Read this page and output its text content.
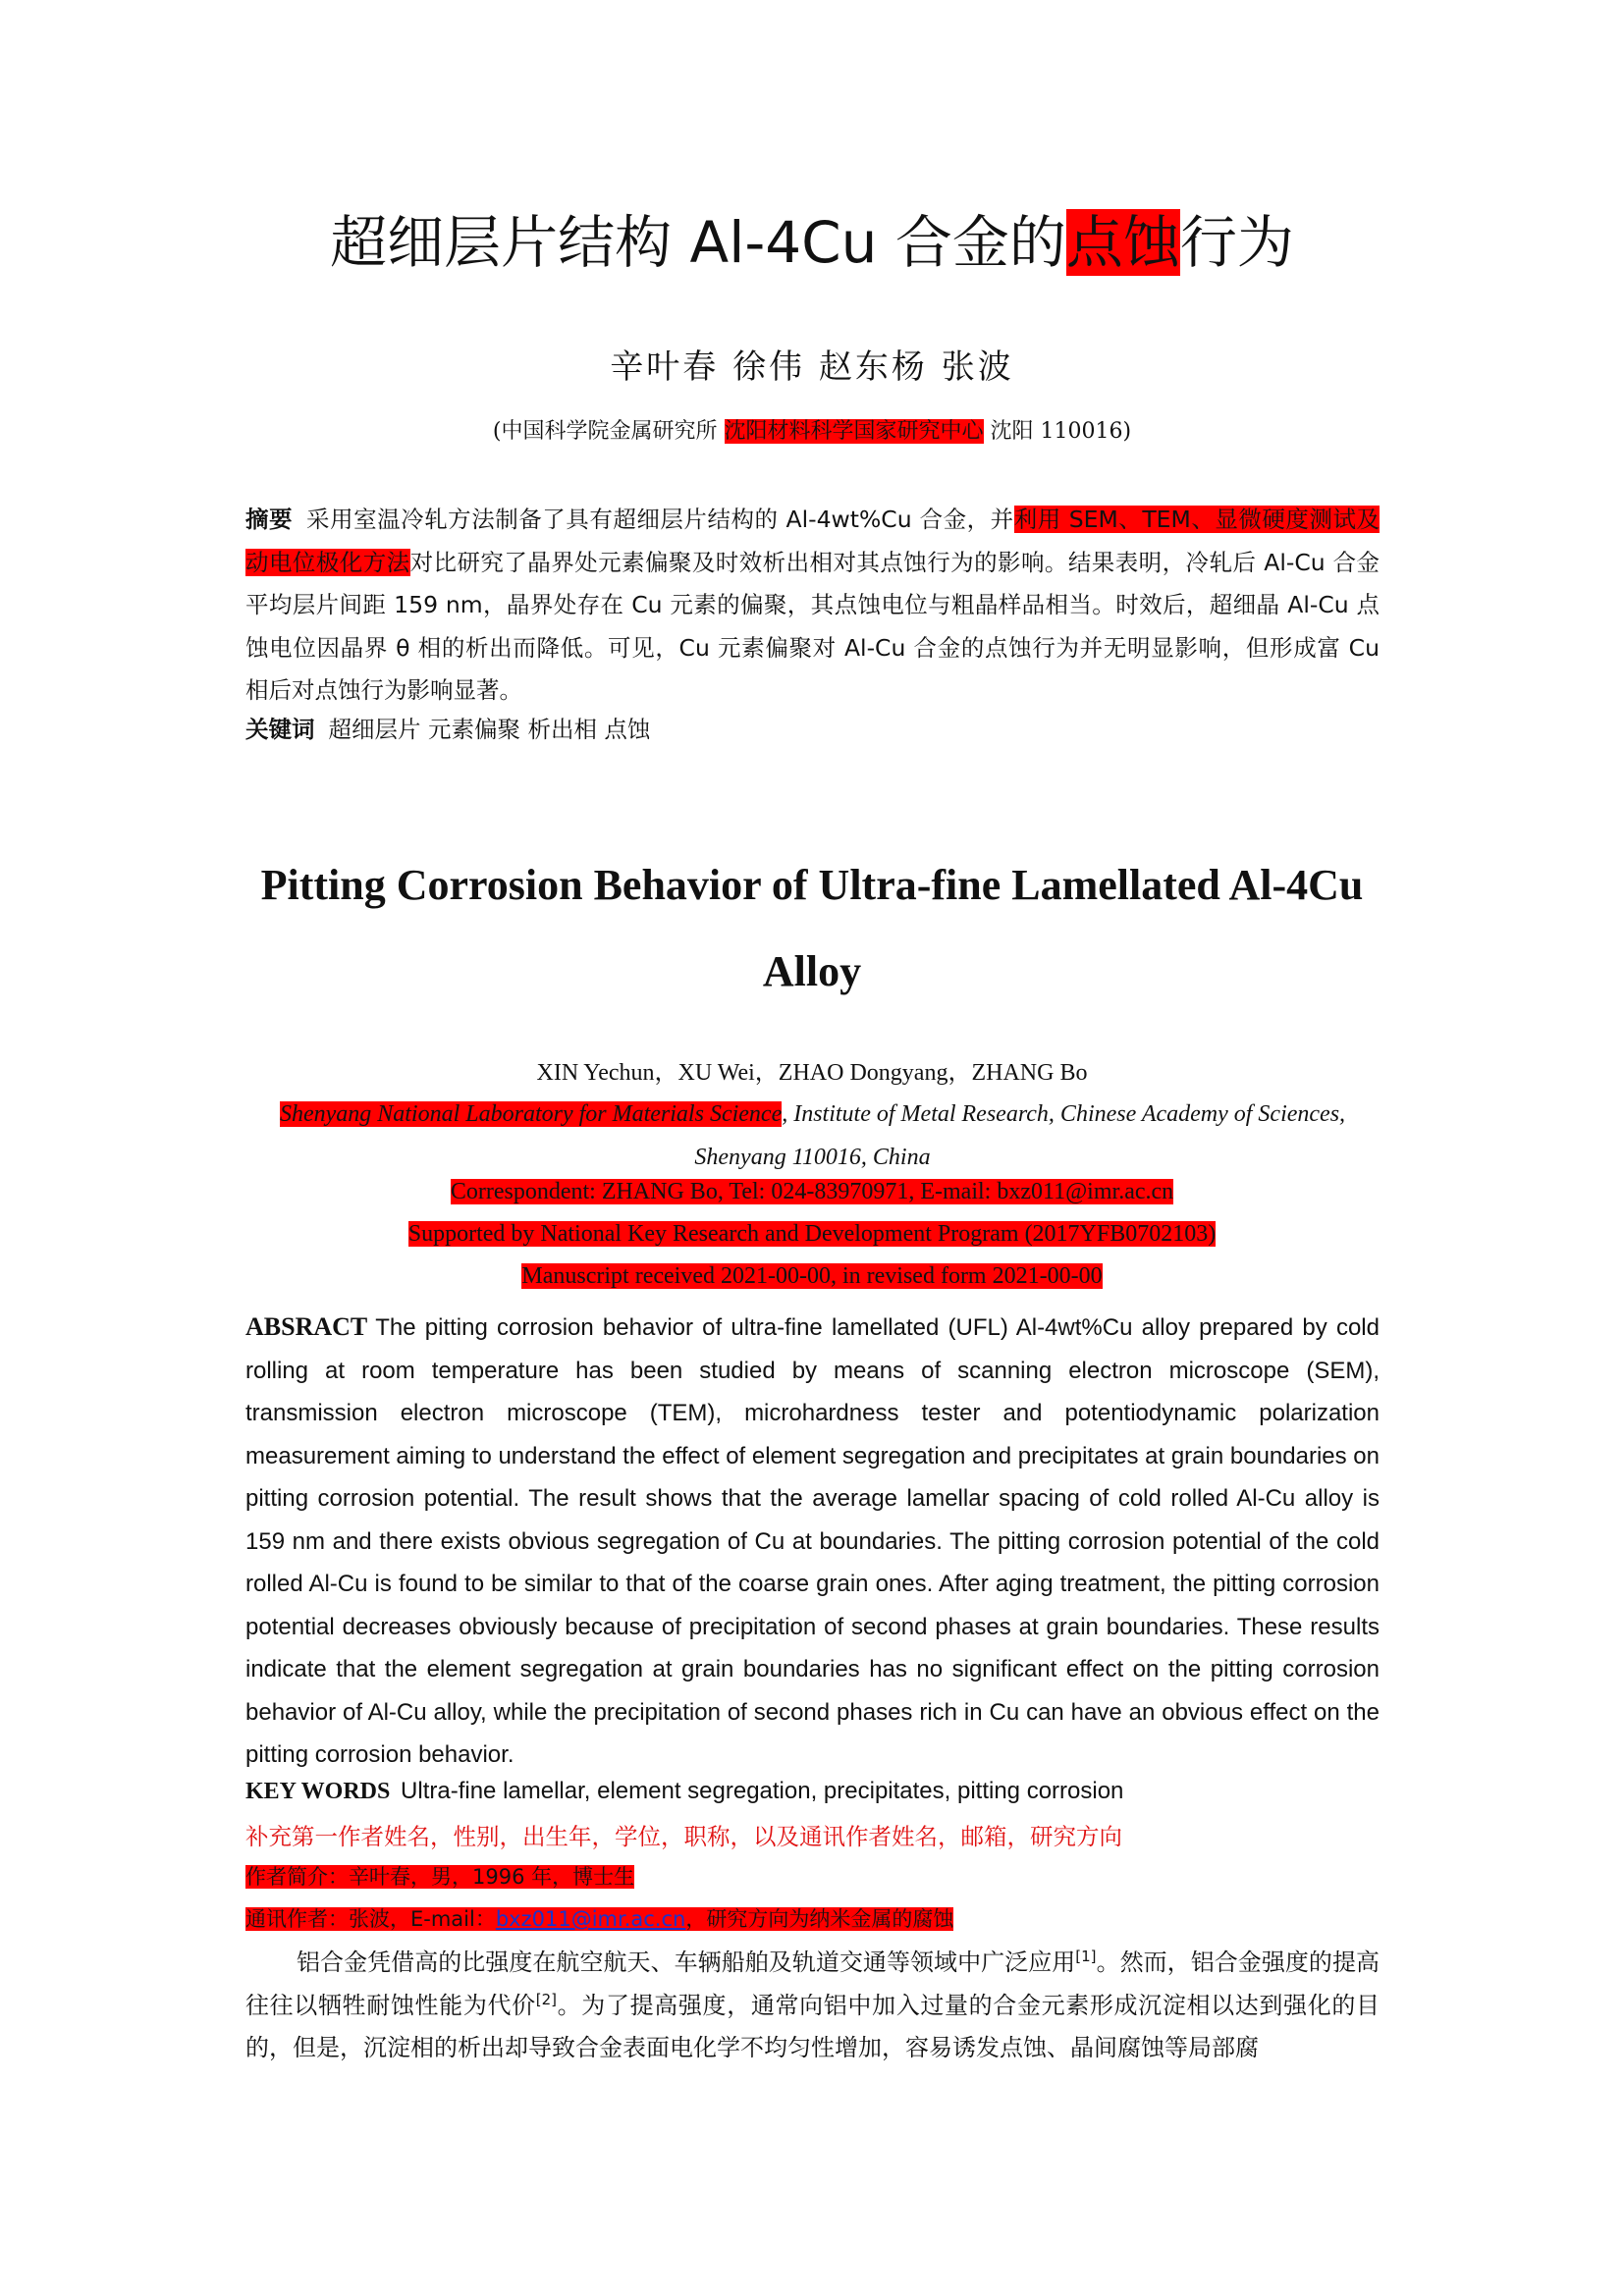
超细层片结构 Al-4Cu 合金的点蚀行为
辛叶春 徐伟 赵东杨 张波
(中国科学院金属研究所 沈阳材料科学国家研究中心 沈阳 110016)
摘要 采用室温冷轧方法制备了具有超细层片结构的 Al-4wt%Cu 合金，并利用 SEM、TEM、显微硬度测试及动电位极化方法对比研究了晶界处元素偏聚及时效析出相对其点蚀行为的影响。结果表明，冷轧后 Al-Cu 合金平均层片间距 159 nm，晶界处存在 Cu 元素的偏聚，其点蚀电位与粗晶样品相当。时效后，超细晶 Al-Cu 点蚀电位因晶界 θ 相的析出而降低。可见，Cu 元素偏聚对 Al-Cu 合金的点蚀行为并无明显影响，但形成富 Cu 相后对点蚀行为影响显著。
关键词 超细层片 元素偏聚 析出相 点蚀
Pitting Corrosion Behavior of Ultra-fine Lamellated Al-4Cu Alloy
XIN Yechun，XU Wei，ZHAO Dongyang，ZHANG Bo
Shenyang National Laboratory for Materials Science, Institute of Metal Research, Chinese Academy of Sciences, Shenyang 110016, China
Correspondent: ZHANG Bo, Tel: 024-83970971, E-mail: bxz011@imr.ac.cn
Supported by National Key Research and Development Program (2017YFB0702103)
Manuscript received 2021-00-00, in revised form 2021-00-00
ABSRACT The pitting corrosion behavior of ultra-fine lamellated (UFL) Al-4wt%Cu alloy prepared by cold rolling at room temperature has been studied by means of scanning electron microscope (SEM), transmission electron microscope (TEM), microhardness tester and potentiodynamic polarization measurement aiming to understand the effect of element segregation and precipitates at grain boundaries on pitting corrosion potential. The result shows that the average lamellar spacing of cold rolled Al-Cu alloy is 159 nm and there exists obvious segregation of Cu at boundaries. The pitting corrosion potential of the cold rolled Al-Cu is found to be similar to that of the coarse grain ones. After aging treatment, the pitting corrosion potential decreases obviously because of precipitation of second phases at grain boundaries. These results indicate that the element segregation at grain boundaries has no significant effect on the pitting corrosion behavior of Al-Cu alloy, while the precipitation of second phases rich in Cu can have an obvious effect on the pitting corrosion behavior.
KEY WORDS Ultra-fine lamellar, element segregation, precipitates, pitting corrosion
补充第一作者姓名，性别，出生年，学位，职称，以及通讯作者姓名，邮箱，研究方向
作者简介：辛叶春，男，1996 年，博士生
通讯作者：张波，E-mail：bxz011@imr.ac.cn，研究方向为纳米金属的腐蚀
铝合金凭借高的比强度在航空航天、车辆船舶及轨道交通等领域中广泛应用[1]。然而，铝合金强度的提高往往以牺牲耐蚀性能为代价[2]。为了提高强度，通常向铝中加入过量的合金元素形成沉淀相以达到强化的目的，但是，沉淀相的析出却导致合金表面电化学不均匀性增加，容易诱发点蚀、晶间腐蚀等局部腐
